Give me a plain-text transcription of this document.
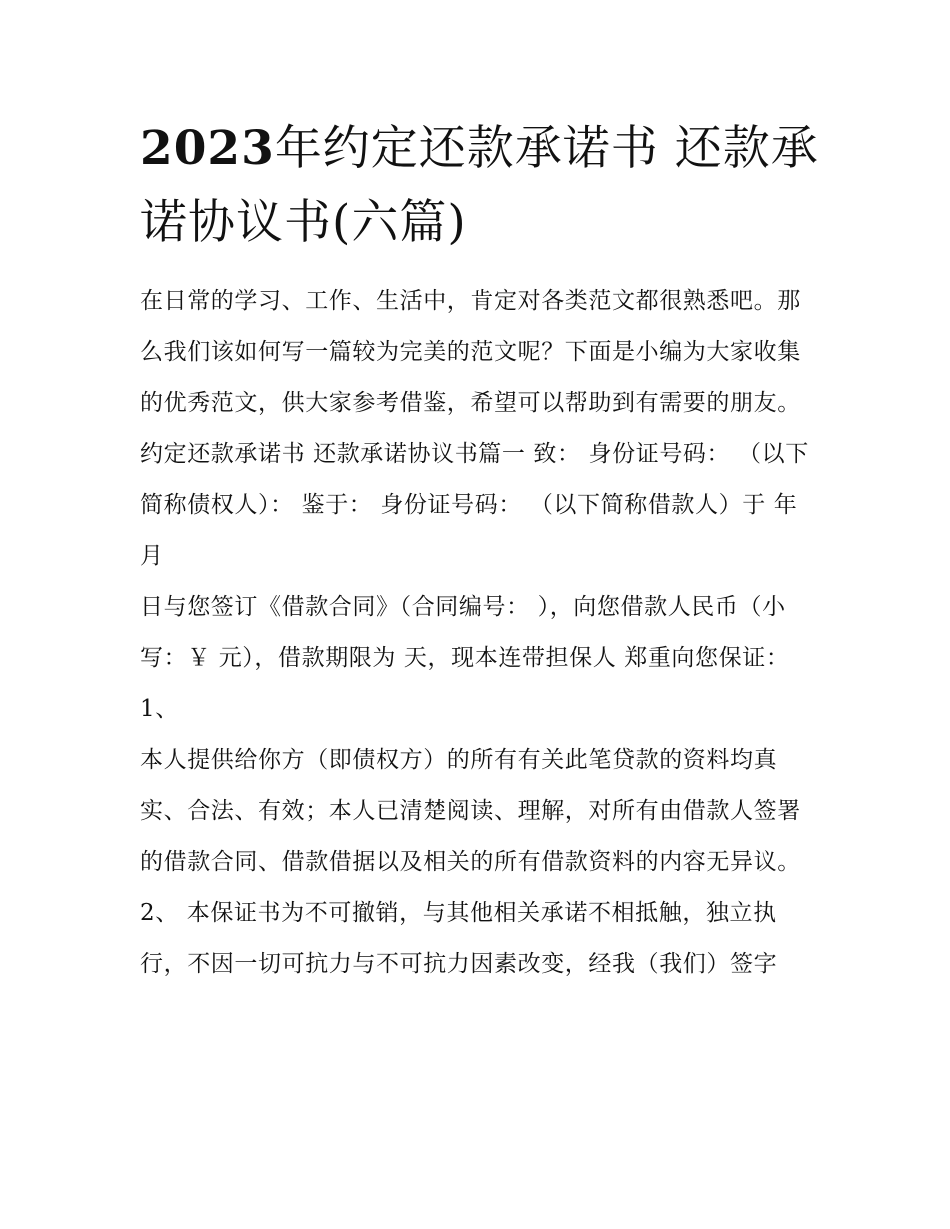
2023年约定还款承诺书 还款承诺协议书(六篇)

在日常的学习、工作、生活中，肯定对各类范文都很熟悉吧。那么我们该如何写一篇较为完美的范文呢？下面是小编为大家收集的优秀范文，供大家参考借鉴，希望可以帮助到有需要的朋友。

约定还款承诺书 还款承诺协议书篇一 致： 身份证号码： （以下简称债权人）： 鉴于： 身份证号码： （以下简称借款人）于 年 月

日与您签订《借款合同》（合同编号： ），向您借款人民币（小写：￥ 元），借款期限为 天，现本连带担保人 郑重向您保证： 1、

本人提供给你方（即债权方）的所有有关此笔贷款的资料均真实、合法、有效；本人已清楚阅读、理解，对所有由借款人签署的借款合同、借款借据以及相关的所有借款资料的内容无异议。

2、 本保证书为不可撤销，与其他相关承诺不相抵触，独立执行，不因一切可抗力与不可抗力因素改变，经我（我们）签字
